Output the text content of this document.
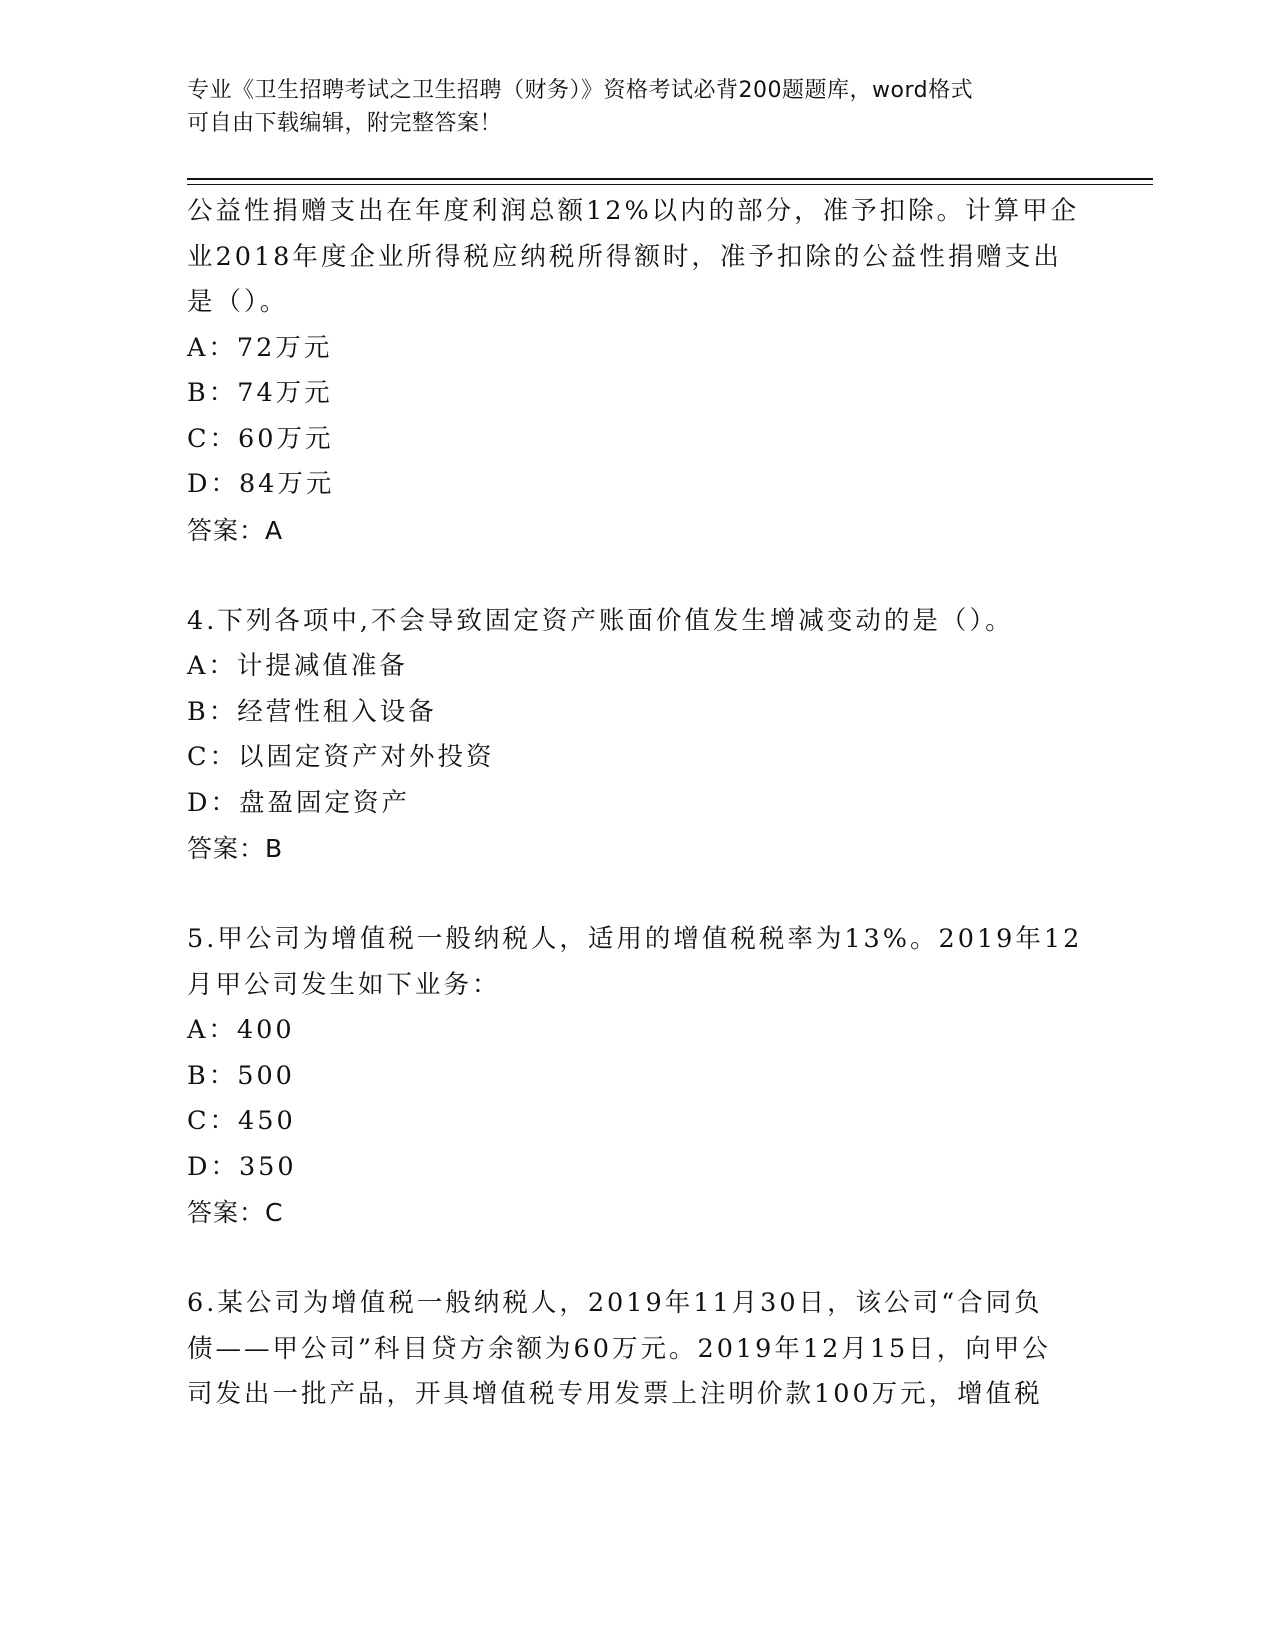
专业《卫生招聘考试之卫生招聘（财务）》资格考试必背200题题库，word格式
可自由下载编辑，附完整答案！
公益性捐赠支出在年度利润总额12%以内的部分，准予扣除。计算甲企
业2018年度企业所得税应纳税所得额时，准予扣除的公益性捐赠支出
是（）。
A：72万元
B：74万元
C：60万元
D：84万元
答案：A
4.下列各项中,不会导致固定资产账面价值发生增减变动的是（）。
A：计提减值准备
B：经营性租入设备
C：以固定资产对外投资
D：盘盈固定资产
答案：B
5.甲公司为增值税一般纳税人，适用的增值税税率为13%。2019年12
月甲公司发生如下业务：
A：400
B：500
C：450
D：350
答案：C
6.某公司为增值税一般纳税人，2019年11月30日，该公司“合同负
债——甲公司”科目贷方余额为60万元。2019年12月15日，向甲公
司发出一批产品，开具增值税专用发票上注明价款100万元，增值税
